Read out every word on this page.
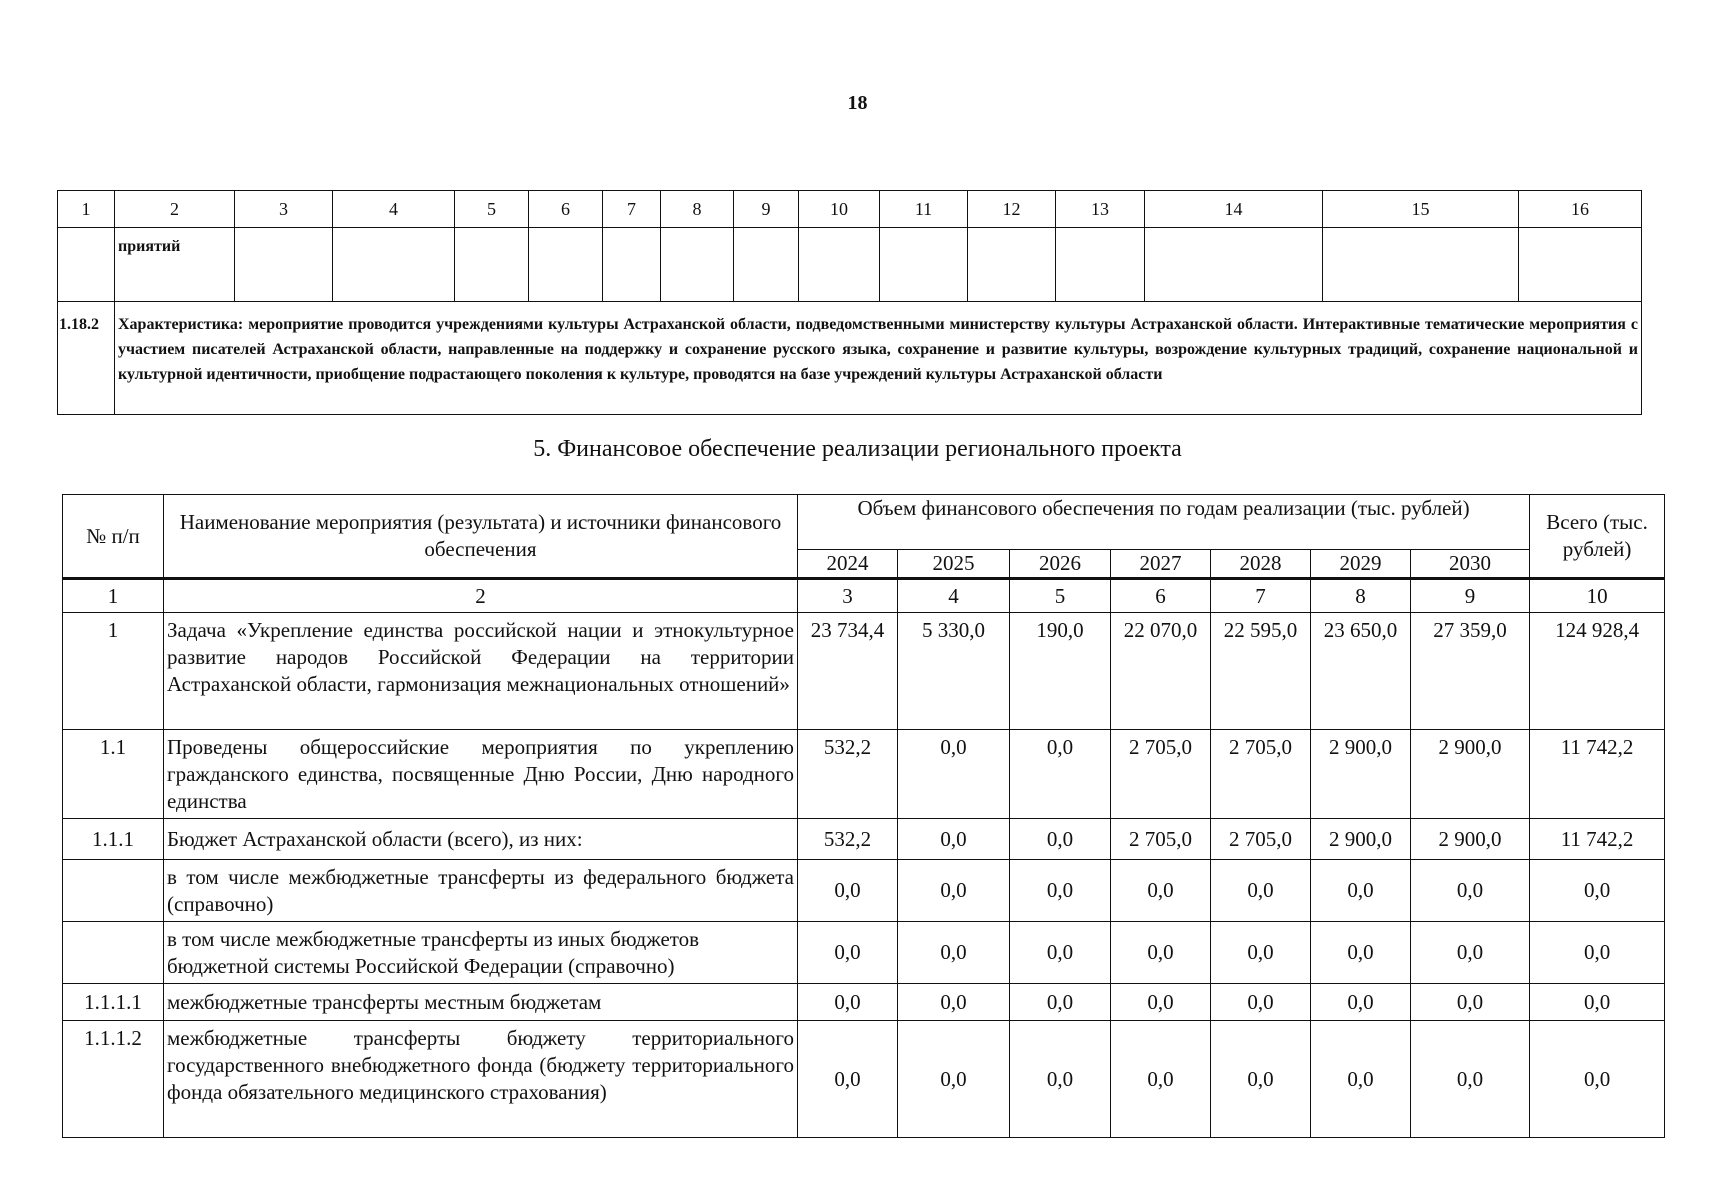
18
1	2	3	4	5	6	7	8	9	10	11	12	13	14	15	16
	приятий														
1.18.2	Характеристика: мероприятие проводится учреждениями культуры Астраханской области, подведомственными министерству культуры Астраханской области. Интерактивные тематические мероприятия с участием писателей Астраханской области, направленные на поддержку и сохранение русского языка, сохранение и развитие культуры, возрождение культурных традиций, сохранение национальной и культурной идентичности, приобщение подрастающего поколения к культуре, проводятся на базе учреждений культуры Астраханской области														
5. Финансовое обеспечение реализации регионального проекта
№ п/п	Наименование мероприятия (результата) и источники финансового обеспечения	Объем финансового обеспечения по годам реализации (тыс. рублей)							Всего (тыс. рублей)
		2024	2025	2026	2027	2028	2029	2030	
1	2	3	4	5	6	7	8	9	10
1	Задача «Укрепление единства российской нации и этнокультурное развитие народов Российской Федерации на территории Астраханской области, гармонизация межнациональных отношений»	23 734,4	5 330,0	190,0	22 070,0	22 595,0	23 650,0	27 359,0	124 928,4
1.1	Проведены общероссийские мероприятия по укреплению гражданского единства, посвященные Дню России, Дню народного единства	532,2	0,0	0,0	2 705,0	2 705,0	2 900,0	2 900,0	11 742,2
1.1.1	Бюджет Астраханской области (всего), из них:	532,2	0,0	0,0	2 705,0	2 705,0	2 900,0	2 900,0	11 742,2
	в том числе межбюджетные трансферты из федерального бюджета (справочно)	0,0	0,0	0,0	0,0	0,0	0,0	0,0	0,0
	в том числе межбюджетные трансферты из иных бюджетов бюджетной системы Российской Федерации (справочно)	0,0	0,0	0,0	0,0	0,0	0,0	0,0	0,0
1.1.1.1	межбюджетные трансферты местным бюджетам	0,0	0,0	0,0	0,0	0,0	0,0	0,0	0,0
1.1.1.2	межбюджетные трансферты бюджету территориального государственного внебюджетного фонда (бюджету территориального фонда обязательного медицинского страхования)	0,0	0,0	0,0	0,0	0,0	0,0	0,0	0,0
